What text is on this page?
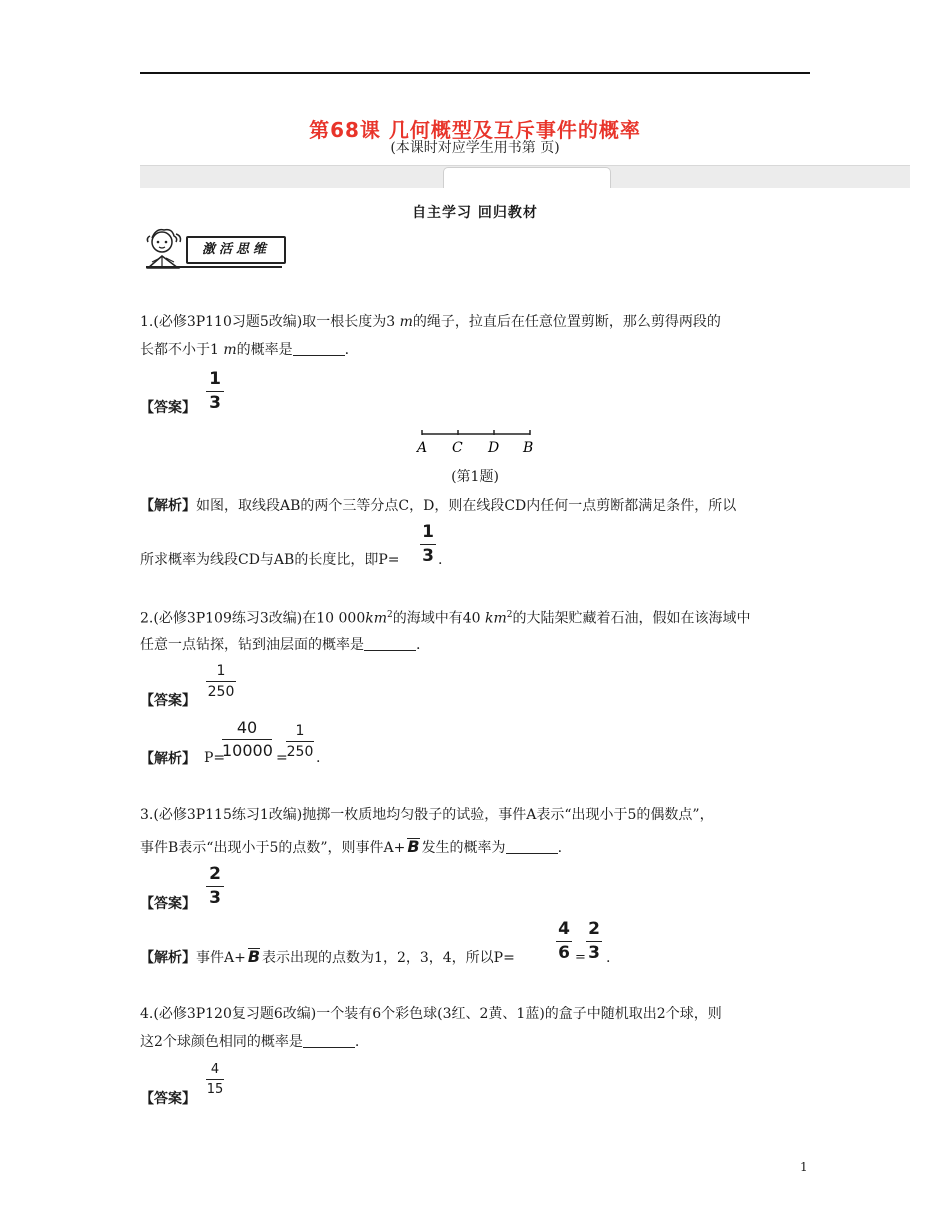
第68课 几何概型及互斥事件的概率
(本课时对应学生用书第 页)
自主学习 回归教材
激活思维
1.(必修3P110习题5改编)取一根长度为3 m的绳子，拉直后在任意位置剪断，那么剪得两段的
长都不小于1 m的概率是	.
【答案】
1
3
A C D B
(第1题)
【解析】如图，取线段AB的两个三等分点C，D，则在线段CD内任何一点剪断都满足条件，所以
所求概率为线段CD与AB的长度比，即P=
1
3 .
2.(必修3P109练习3改编)在10 $000km^2$的海域中有40 $km^2$的大陆架贮藏着石油，假如在该海域中
任意一点钻探，钻到油层面的概率是	.
【答案】
1
250
【解析】 P=
40
10000 =
1
250 .
3.(必修3P115练习1改编)抛掷一枚质地均匀骰子的试验，事件A表示“出现小于5的偶数点”，
事件B表示“出现小于5的点数”，则事件A+ B 发生的概率为	.
【答案】
2
3
【解析】事件A+ B 表示出现的点数为1，2，3，4，所以P=
4
6 =
2
3 .
4.(必修3P120复习题6改编)一个装有6个彩色球(3红、2黄、1蓝)的盒子中随机取出2个球，则
这2个球颜色相同的概率是	.
【答案】
4
15
1
